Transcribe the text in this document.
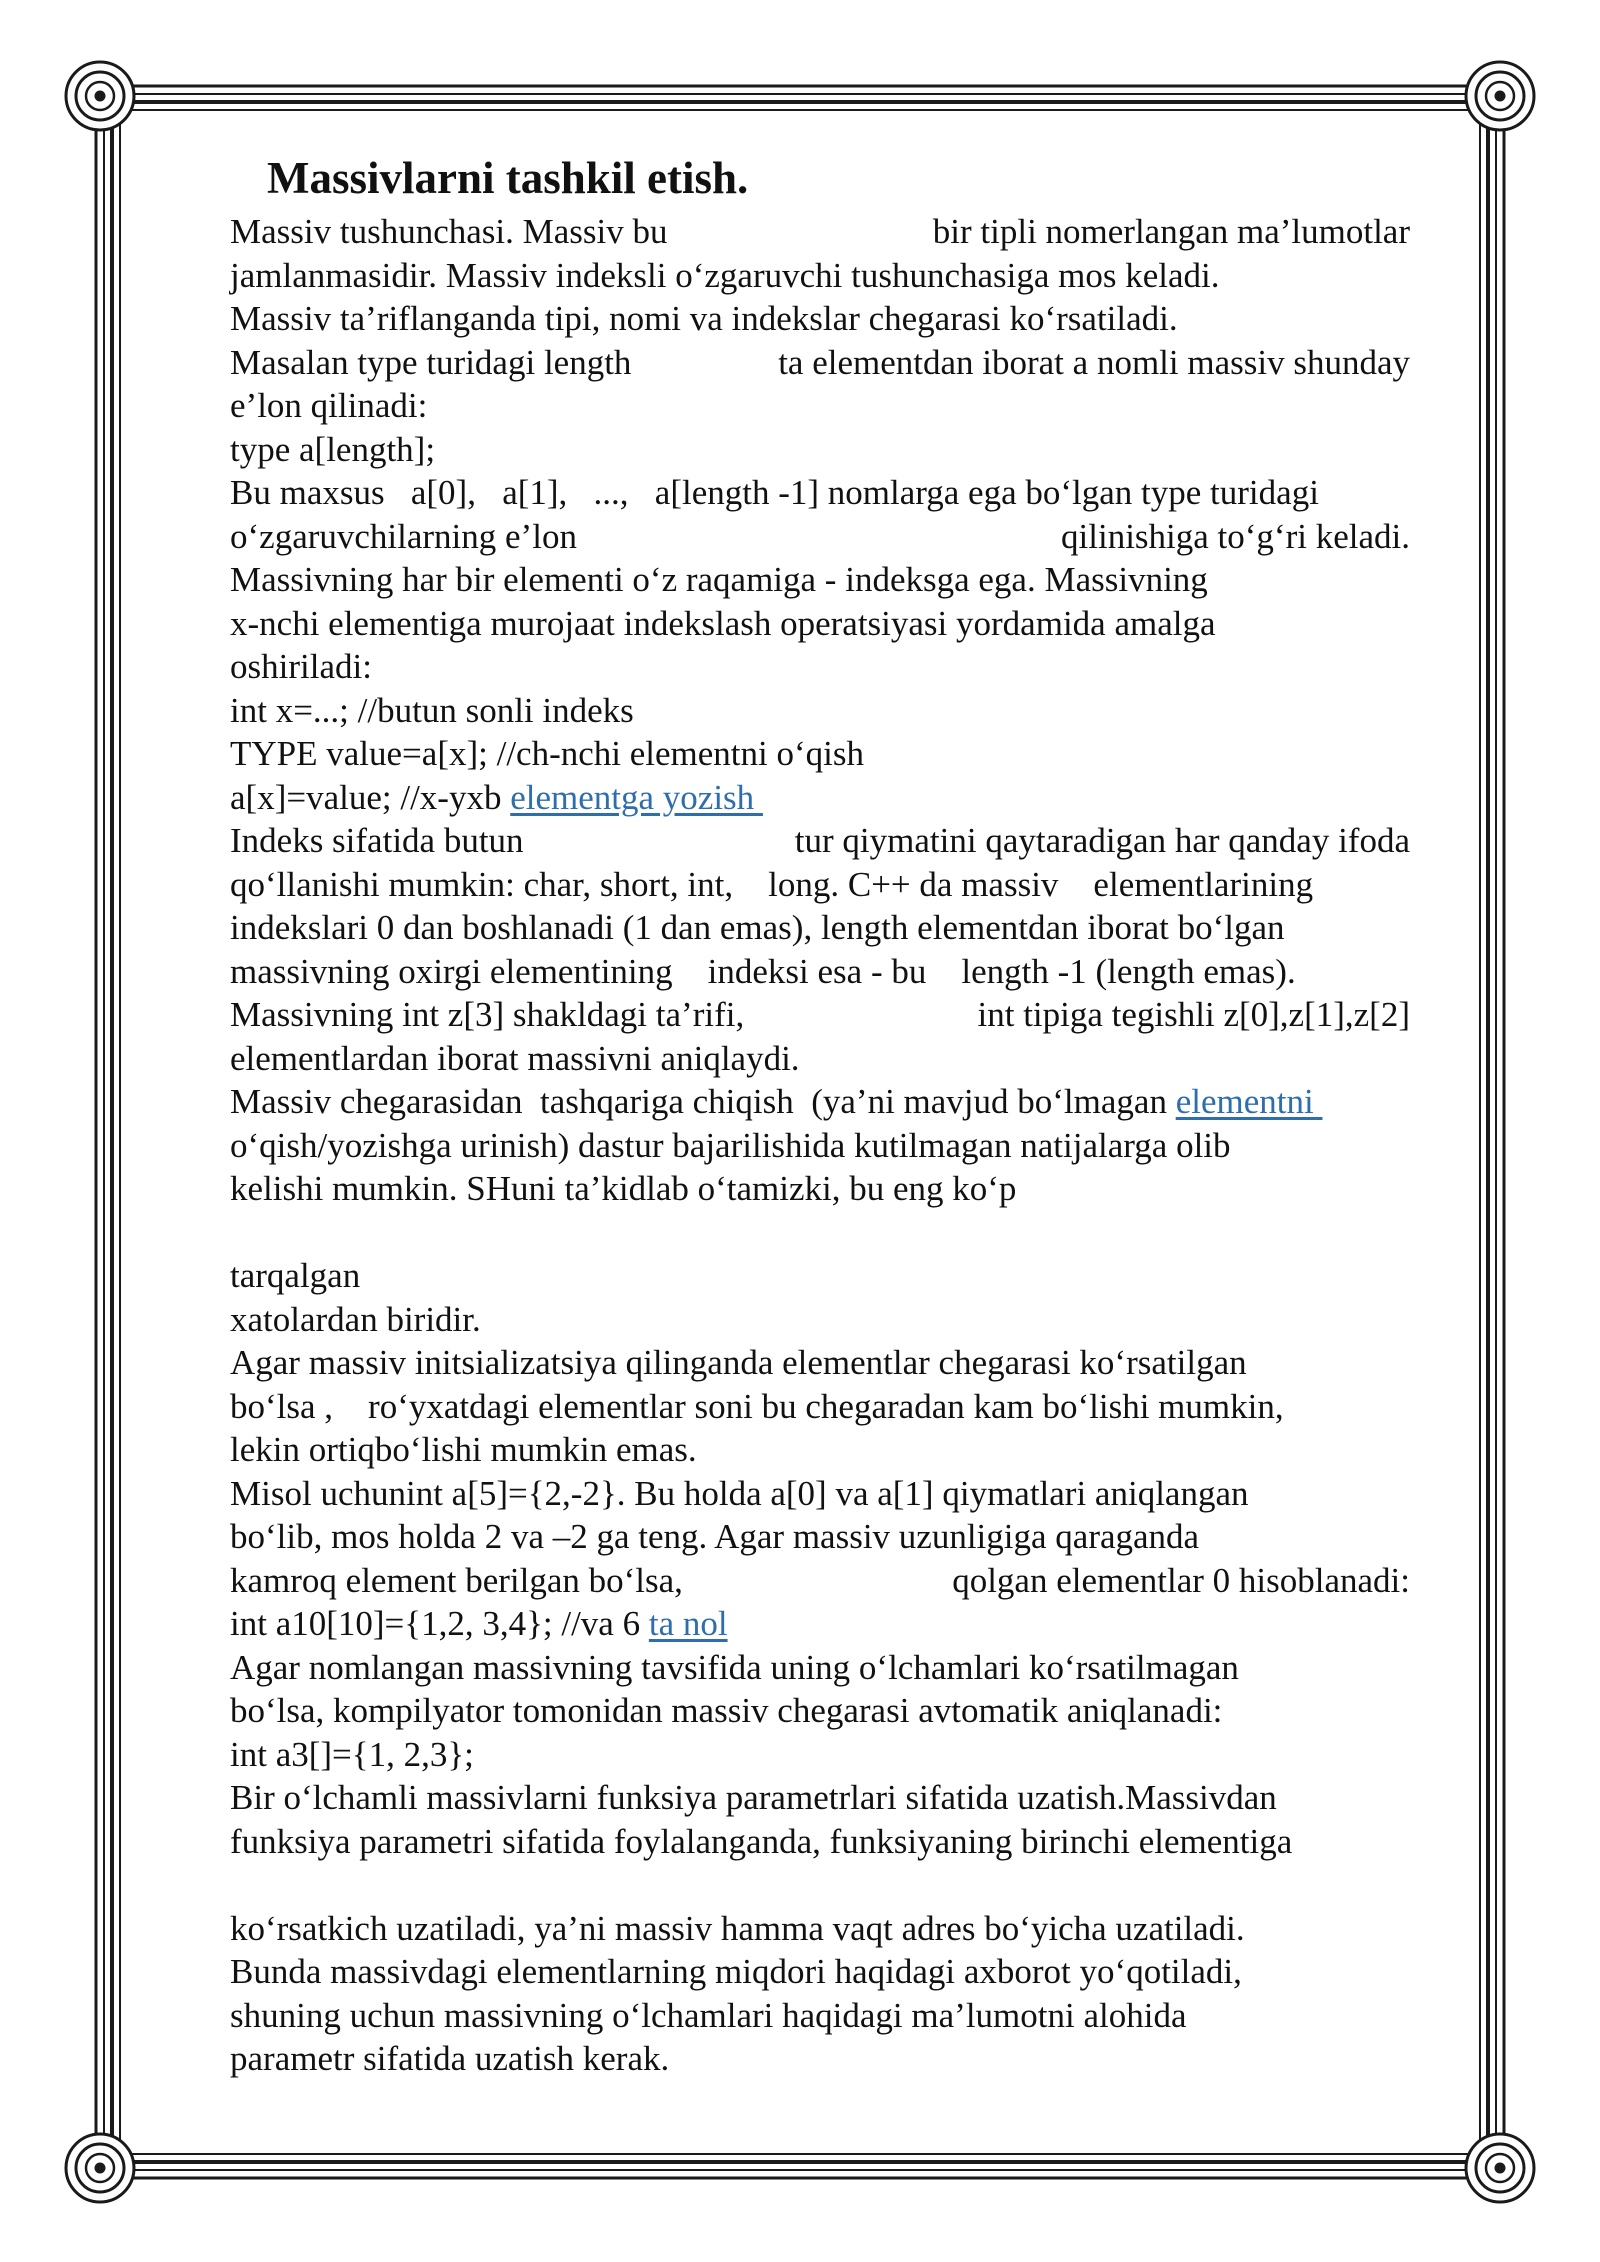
Massivlarni tashkil etish.
Massiv tushunchasi. Massiv bu	bir tipli nomerlangan ma’lumotlar
jamlanmasidir. Massiv indeksli o‘zgaruvchi tushunchasiga mos keladi.
Massiv ta’riflanganda tipi, nomi va indekslar chegarasi ko‘rsatiladi.
Masalan type turidagi length	ta elementdan iborat a nomli massiv shunday
e’lon qilinadi:
type a[length];
Bu maxsus   a[0],   a[1],   ...,   a[length -1] nomlarga ega bo‘lgan type turidagi
o‘zgaruvchilarning e’lon	qilinishiga to‘g‘ri keladi.
Massivning har bir elementi o‘z raqamiga - indeksga ega. Massivning
x-nchi elementiga murojaat indekslash operatsiyasi yordamida amalga
oshiriladi:
int x=...; //butun sonli indeks
TYPE value=a[x]; //ch-nchi elementni o‘qish
a[x]=value; //x-yxb elementga yozish
Indeks sifatida butun	tur qiymatini qaytaradigan har qanday ifoda
qo‘llanishi mumkin: char, short, int,    long. C++ da massiv    elementlarining
indekslari 0 dan boshlanadi (1 dan emas), length elementdan iborat bo‘lgan
massivning oxirgi elementining    indeksi esa - bu    length -1 (length emas).
Massivning int z[3] shakldagi ta’rifi,	int tipiga tegishli z[0],z[1],z[2]
elementlardan iborat massivni aniqlaydi.
Massiv chegarasidan  tashqariga chiqish  (ya’ni mavjud bo‘lmagan elementni
o‘qish/yozishga urinish) dastur bajarilishida kutilmagan natijalarga olib
kelishi mumkin. SHuni ta’kidlab o‘tamizki, bu eng ko‘p
tarqalgan
xatolardan biridir.
Agar massiv initsializatsiya qilinganda elementlar chegarasi ko‘rsatilgan
bo‘lsa ,    ro‘yxatdagi elementlar soni bu chegaradan kam bo‘lishi mumkin,
lekin ortiqbo‘lishi mumkin emas.
Misol uchunint a[5]={2,-2}. Bu holda a[0] va a[1] qiymatlari aniqlangan
bo‘lib, mos holda 2 va –2 ga teng. Agar massiv uzunligiga qaraganda
kamroq element berilgan bo‘lsa,	qolgan elementlar 0 hisoblanadi:
int a10[10]={1,2, 3,4}; //va 6 ta nol
Agar nomlangan massivning tavsifida uning o‘lchamlari ko‘rsatilmagan
bo‘lsa, kompilyator tomonidan massiv chegarasi avtomatik aniqlanadi:
int a3[]={1, 2,3};
Bir o‘lchamli massivlarni funksiya parametrlari sifatida uzatish.Massivdan
funksiya parametri sifatida foylalanganda, funksiyaning birinchi elementiga
ko‘rsatkich uzatiladi, ya’ni massiv hamma vaqt adres bo‘yicha uzatiladi.
Bunda massivdagi elementlarning miqdori haqidagi axborot yo‘qotiladi,
shuning uchun massivning o‘lchamlari haqidagi ma’lumotni alohida
parametr sifatida uzatish kerak.
